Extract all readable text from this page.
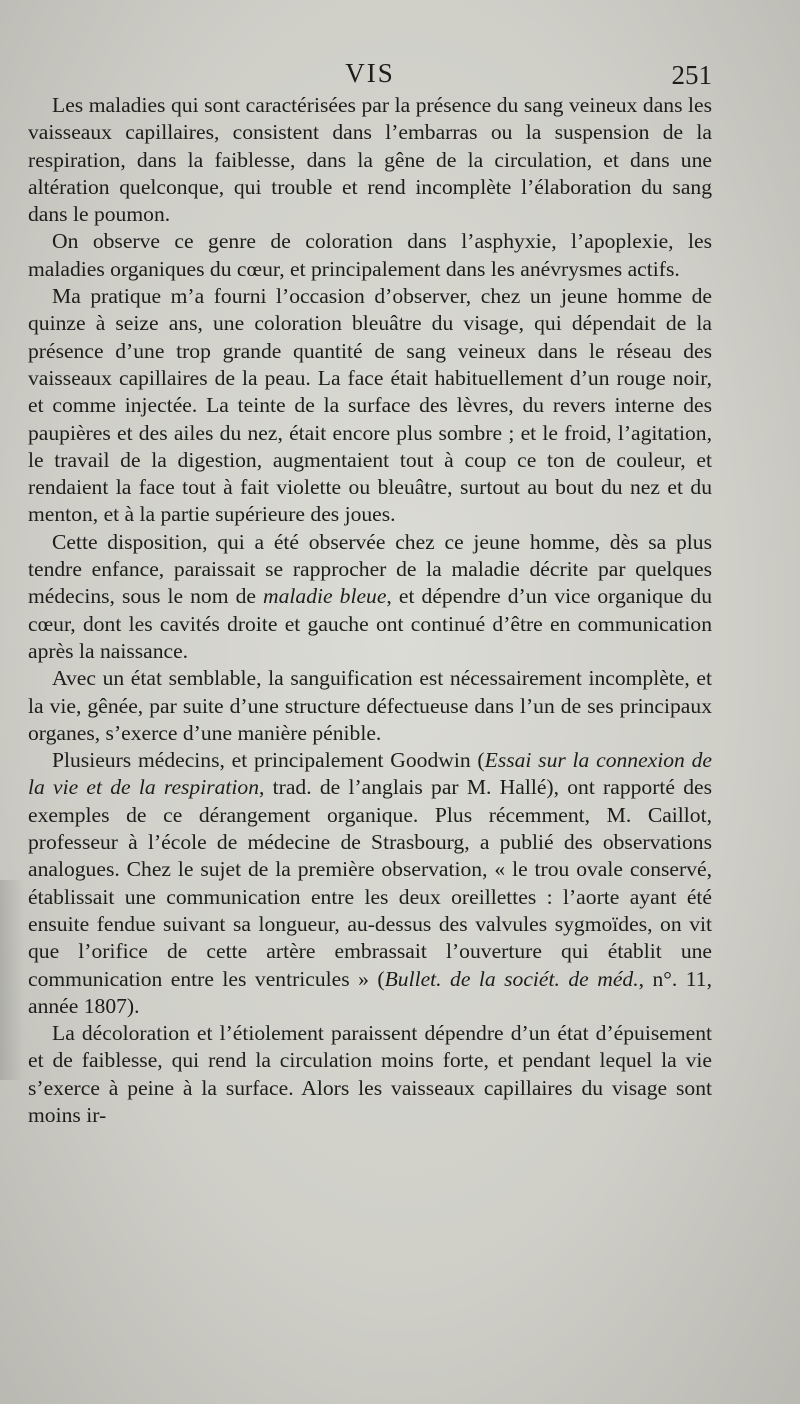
VIS	251

Les maladies qui sont caractérisées par la présence du sang veineux dans les vaisseaux capillaires, consistent dans l’embarras ou la suspension de la respiration, dans la faiblesse, dans la gêne de la circulation, et dans une altération quelconque, qui trouble et rend incomplète l’élaboration du sang dans le poumon.

On observe ce genre de coloration dans l’asphyxie, l’apoplexie, les maladies organiques du cœur, et principalement dans les anévrysmes actifs.

Ma pratique m’a fourni l’occasion d’observer, chez un jeune homme de quinze à seize ans, une coloration bleuâtre du visage, qui dépendait de la présence d’une trop grande quantité de sang veineux dans le réseau des vaisseaux capillaires de la peau. La face était habituellement d’un rouge noir, et comme injectée. La teinte de la surface des lèvres, du revers interne des paupières et des ailes du nez, était encore plus sombre ; et le froid, l’agitation, le travail de la digestion, augmentaient tout à coup ce ton de couleur, et rendaient la face tout à fait violette ou bleuâtre, surtout au bout du nez et du menton, et à la partie supérieure des joues.

Cette disposition, qui a été observée chez ce jeune homme, dès sa plus tendre enfance, paraissait se rapprocher de la maladie décrite par quelques médecins, sous le nom de maladie bleue, et dépendre d’un vice organique du cœur, dont les cavités droite et gauche ont continué d’être en communication après la naissance.

Avec un état semblable, la sanguification est nécessairement incomplète, et la vie, gênée, par suite d’une structure défectueuse dans l’un de ses principaux organes, s’exerce d’une manière pénible.

Plusieurs médecins, et principalement Goodwin (Essai sur la connexion de la vie et de la respiration, trad. de l’anglais par M. Hallé), ont rapporté des exemples de ce dérangement organique. Plus récemment, M. Caillot, professeur à l’école de médecine de Strasbourg, a publié des observations analogues. Chez le sujet de la première observation, « le trou ovale conservé, établissait une communication entre les deux oreillettes : l’aorte ayant été ensuite fendue suivant sa longueur, au-dessus des valvules sygmoïdes, on vit que l’orifice de cette artère embrassait l’ouverture qui établit une communication entre les ventricules » (Bullet. de la sociét. de méd., n°. 11, année 1807).

La décoloration et l’étiolement paraissent dépendre d’un état d’épuisement et de faiblesse, qui rend la circulation moins forte, et pendant lequel la vie s’exerce à peine à la surface. Alors les vaisseaux capillaires du visage sont moins ir-
